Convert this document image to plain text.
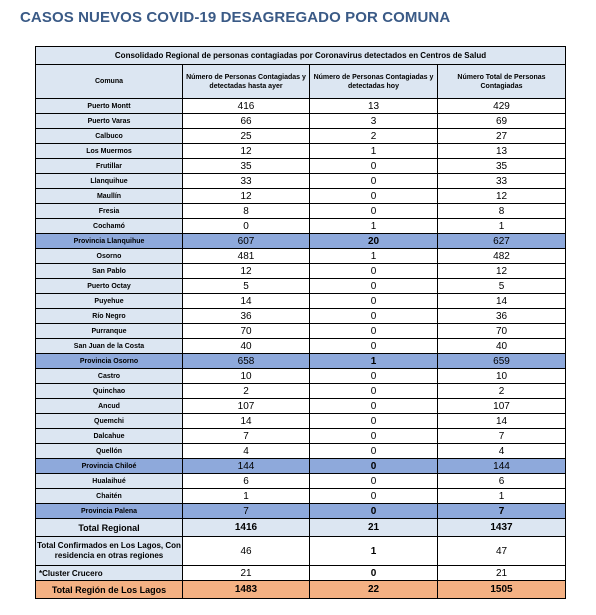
CASOS NUEVOS COVID-19 DESAGREGADO POR COMUNA
Consolidado Regional de personas contagiadas por Coronavirus detectados en Centros de Salud			
Comuna	Número de Personas Contagiadas y detectadas hasta ayer	Número de Personas Contagiadas y detectadas hoy	Número Total de Personas Contagiadas
Puerto Montt	416	13	429
Puerto Varas	66	3	69
Calbuco	25	2	27
Los Muermos	12	1	13
Frutillar	35	0	35
Llanquihue	33	0	33
Maullín	12	0	12
Fresia	8	0	8
Cochamó	0	1	1
Provincia Llanquihue	607	20	627
Osorno	481	1	482
San Pablo	12	0	12
Puerto Octay	5	0	5
Puyehue	14	0	14
Río Negro	36	0	36
Purranque	70	0	70
San Juan de la Costa	40	0	40
Provincia Osorno	658	1	659
Castro	10	0	10
Quinchao	2	0	2
Ancud	107	0	107
Quemchi	14	0	14
Dalcahue	7	0	7
Quellón	4	0	4
Provincia Chiloé	144	0	144
Hualaihué	6	0	6
Chaitén	1	0	1
Provincia Palena	7	0	7
Total Regional	1416	21	1437
Total Confirmados en Los Lagos, Con residencia en otras regiones	46	1	47
*Cluster Crucero	21	0	21
Total Región de Los Lagos	1483	22	1505
